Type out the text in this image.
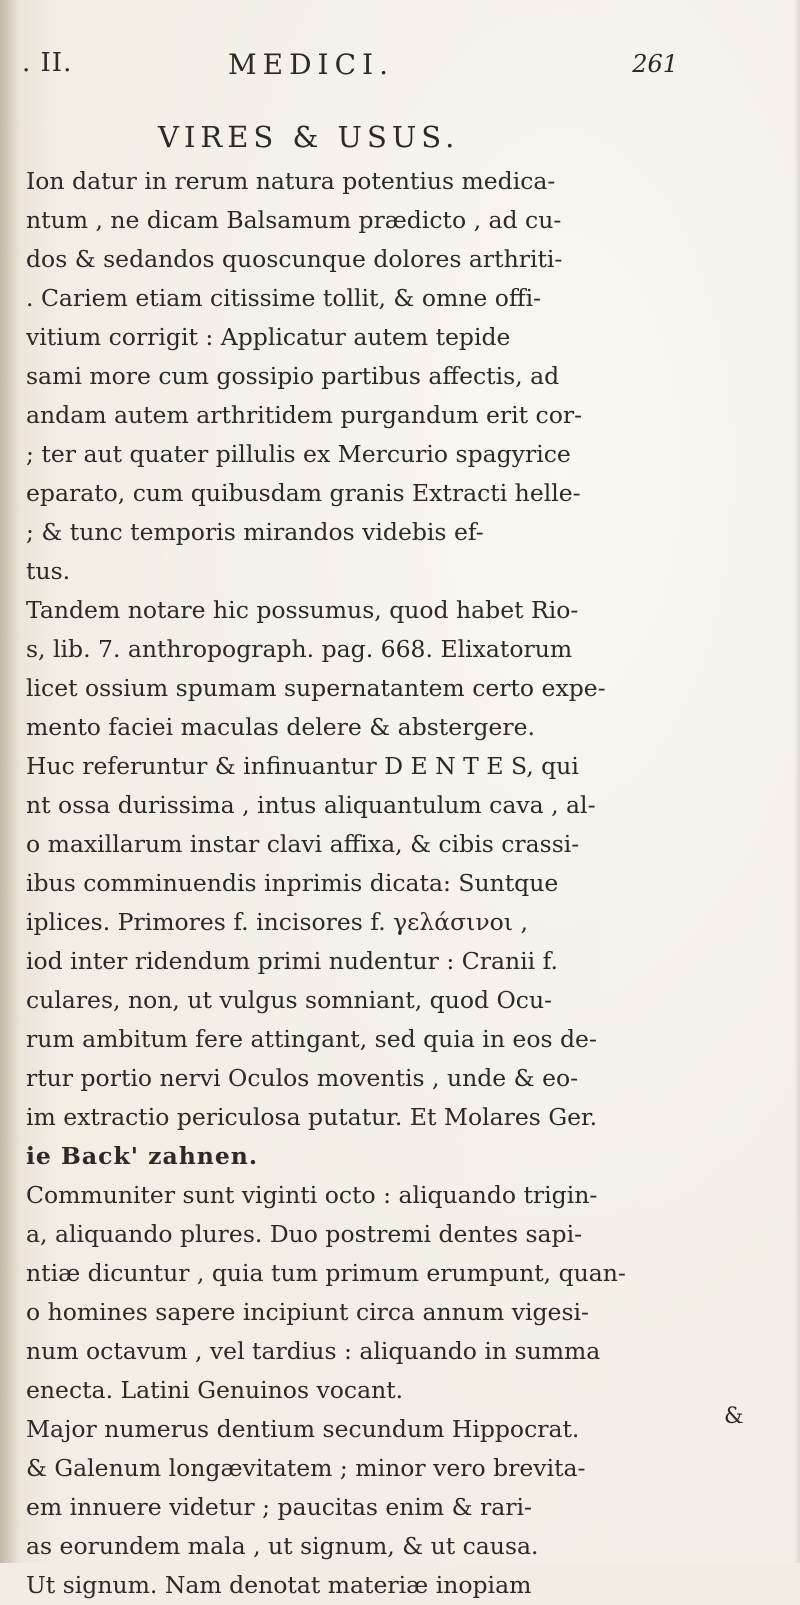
. II.	MEDICI.	261
VIRES & USUS.
Ion datur in rerum natura potentius medica-
ntum , ne dicam Balsamum prædicto , ad cu-
dos & sedandos quoscunque dolores arthriti-
. Cariem etiam citissime tollit, & omne offi-
vitium corrigit : Applicatur autem tepide
sami more cum gossipio partibus affectis, ad
andam autem arthritidem purgandum erit cor-
; ter aut quater pillulis ex Mercurio spagyrice
eparato, cum quibusdam granis Extracti helle-
; & tunc temporis mirandos videbis ef-
tus.
Tandem notare hic possumus, quod habet Rio-
s, lib. 7. anthropograph. pag. 668. Elixatorum
licet ossium spumam supernatantem certo expe-
mento faciei maculas delere & abstergere.
Huc referuntur & infinuantur D E N T E S, qui
nt ossa durissima , intus aliquantulum cava , al-
o maxillarum instar clavi affixa, & cibis crassi-
ibus comminuendis inprimis dicata: Suntque
iplices. Primores f. incisores f. γελάσινοι ,
iod inter ridendum primi nudentur : Cranii f.
culares, non, ut vulgus somniant, quod Ocu-
rum ambitum fere attingant, sed quia in eos de-
rtur portio nervi Oculos moventis , unde & eo-
im extractio periculosa putatur. Et Molares Ger.
ie Back' zahnen.
Communiter sunt viginti octo : aliquando trigin-
a, aliquando plures. Duo postremi dentes sapi-
ntiæ dicuntur , quia tum primum erumpunt, quan-
o homines sapere incipiunt circa annum vigesi-
num octavum , vel tardius : aliquando in summa
enecta. Latini Genuinos vocant.
Major numerus dentium secundum Hippocrat.
& Galenum longævitatem ; minor vero brevita-
em innuere videtur ; paucitas enim & rari-
as eorundem mala , ut signum, & ut causa.
Ut signum. Nam denotat materiæ inopiam
&
